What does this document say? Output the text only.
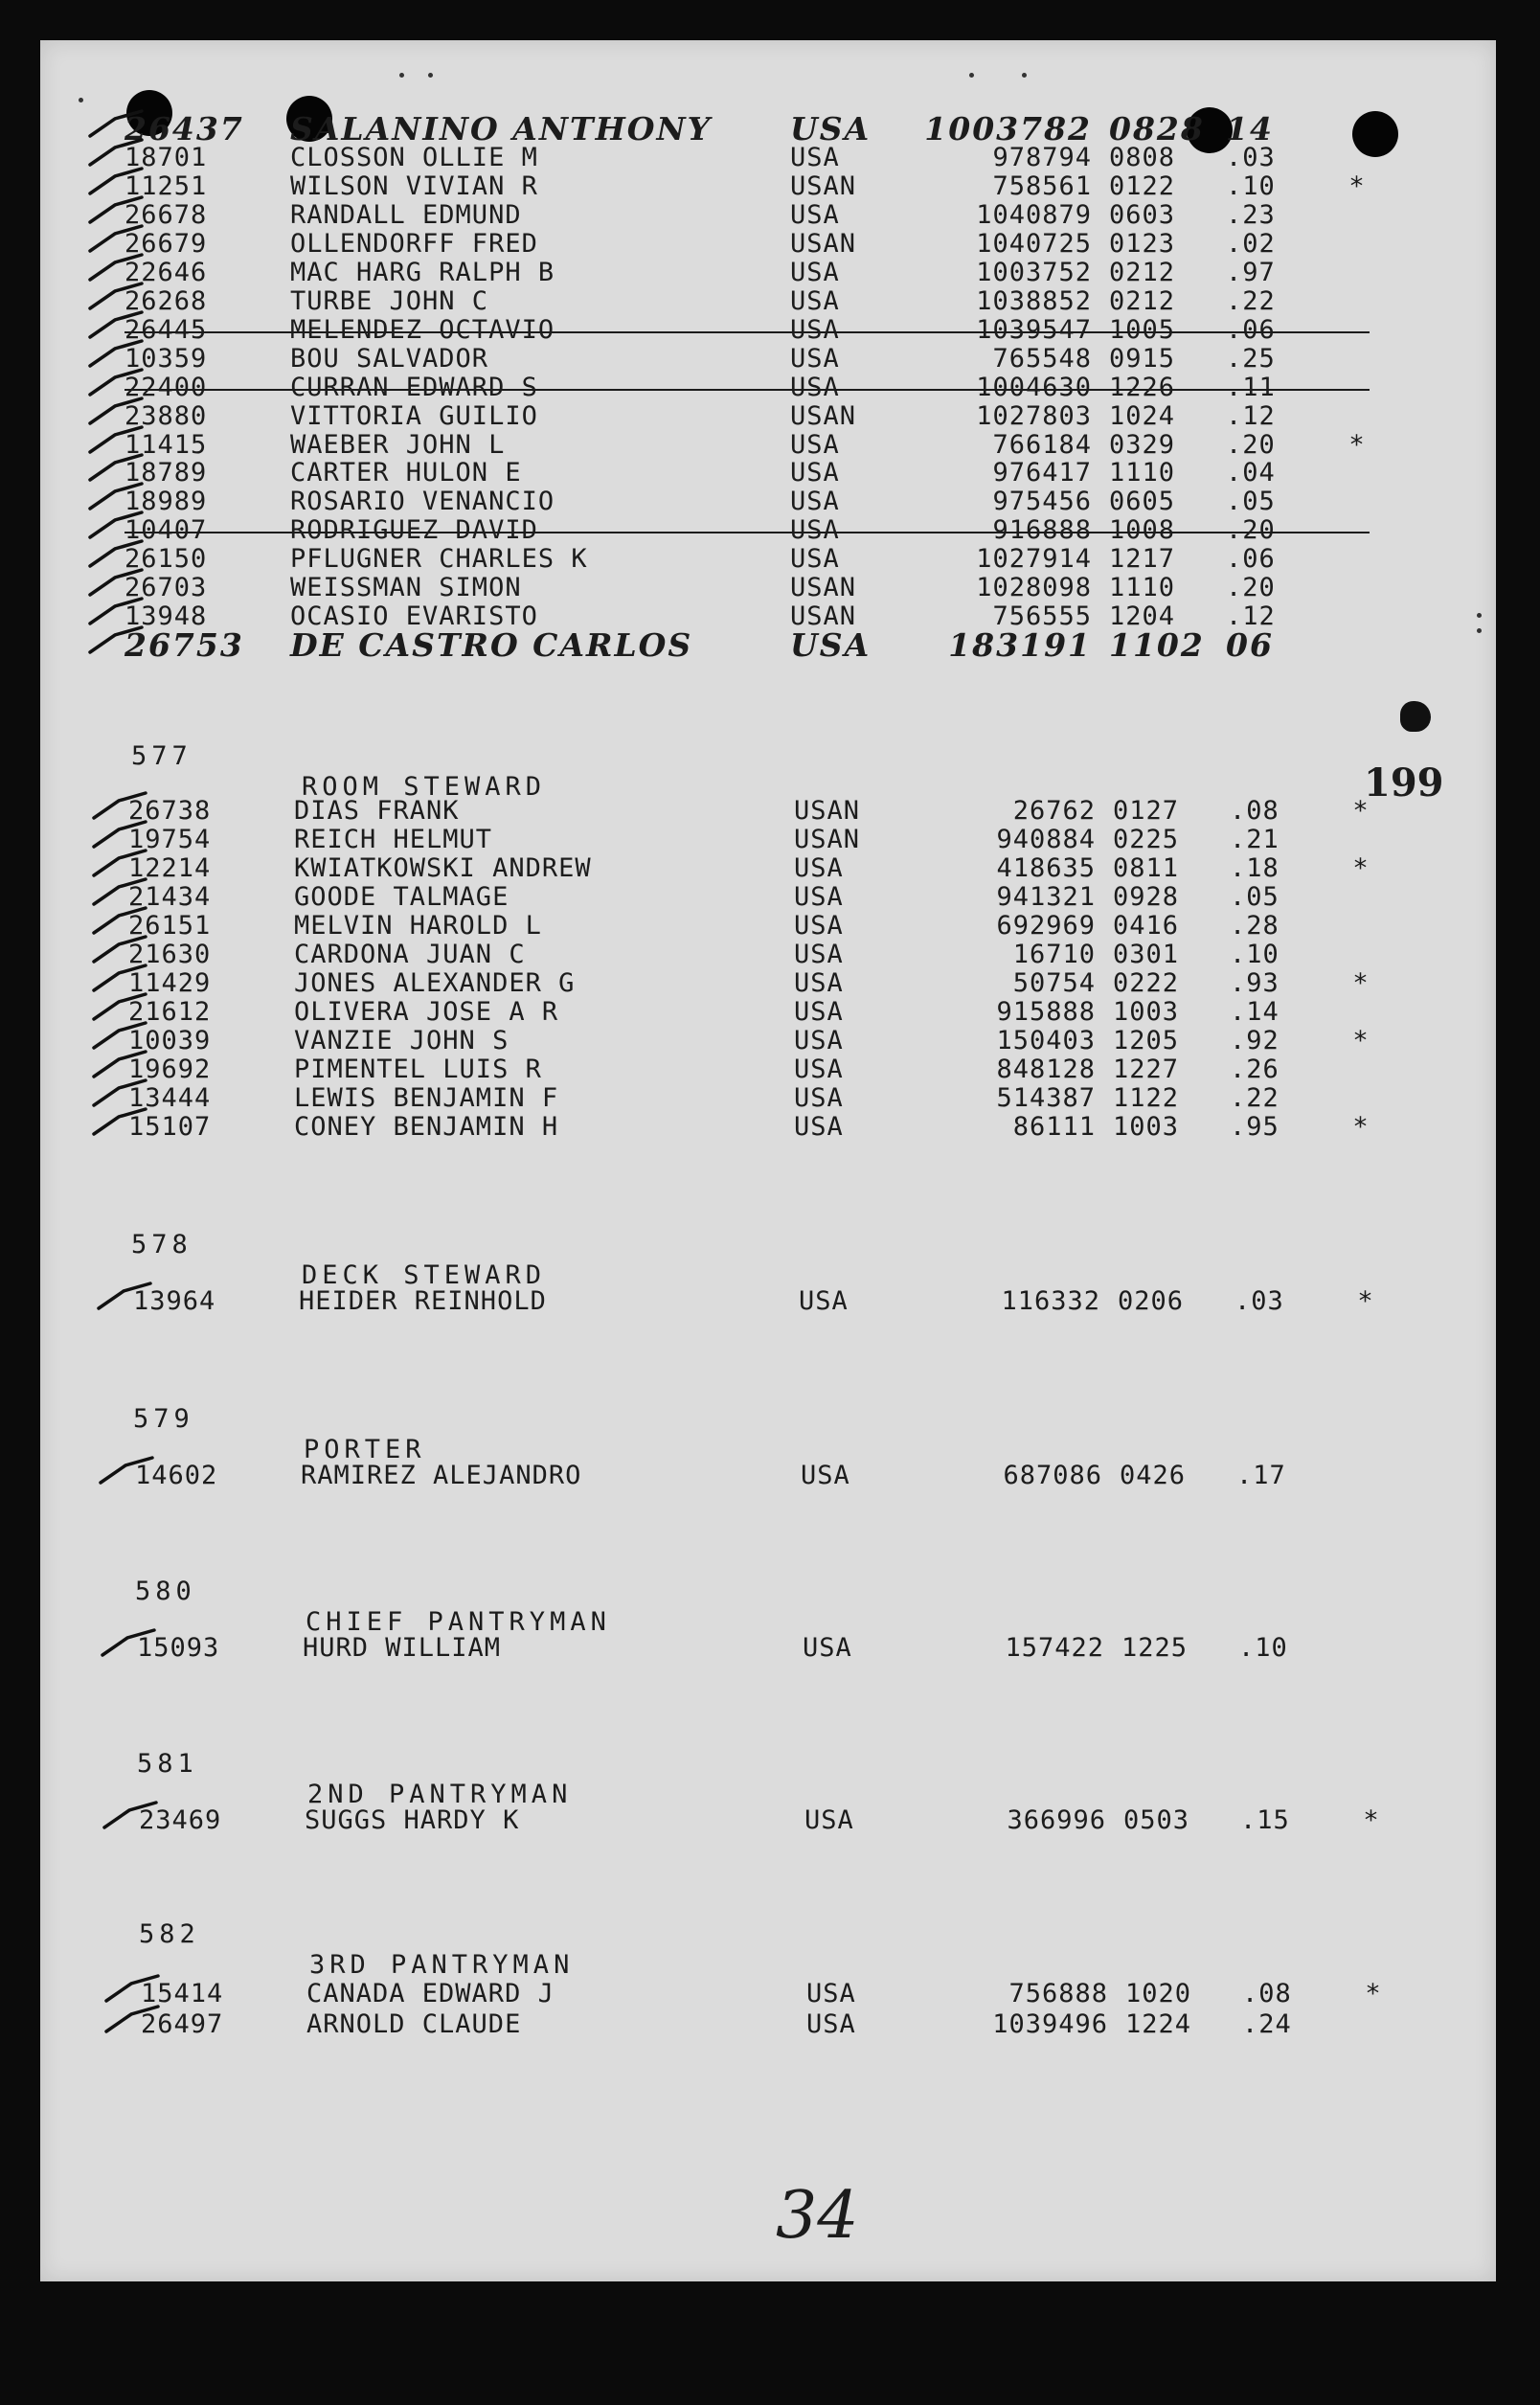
199
26437	SALANINO ANTHONY	USA	1003782 0828 14
18701	CLOSSON OLLIE M	USA	978794 0808	.03
11251	WILSON VIVIAN R	USAN	758561 0122	.10	*
26678	RANDALL EDMUND	USA	1040879 0603	.23
26679	OLLENDORFF FRED	USAN	1040725 0123	.02
22646	MAC HARG RALPH B	USA	1003752 0212	.97
26268	TURBE JOHN C	USA	1038852 0212	.22
26445	MELENDEZ OCTAVIO	USA	1039547 1005	.06
10359	BOU SALVADOR	USA	765548 0915	.25
22400	CURRAN EDWARD S	USA	1004630 1226	.11
23880	VITTORIA GUILIO	USAN	1027803 1024	.12
11415	WAEBER JOHN L	USA	766184 0329	.20	*
18789	CARTER HULON E	USA	976417 1110	.04
18989	ROSARIO VENANCIO	USA	975456 0605	.05
10407	RODRIGUEZ DAVID	USA	916888 1008	.20
26150	PFLUGNER CHARLES K	USA	1027914 1217	.06
26703	WEISSMAN SIMON	USAN	1028098 1110	.20
13948	OCASIO EVARISTO	USAN	756555 1204	.12
26753	DE CASTRO CARLOS	USA	183191 1102 06

577

ROOM STEWARD

26738	DIAS FRANK	USAN	26762 0127	.08	*
19754	REICH HELMUT	USAN	940884 0225	.21
12214	KWIATKOWSKI ANDREW	USA	418635 0811	.18	*
21434	GOODE TALMAGE	USA	941321 0928	.05
26151	MELVIN HAROLD L	USA	692969 0416	.28
21630	CARDONA JUAN C	USA	16710 0301	.10
11429	JONES ALEXANDER G	USA	50754 0222	.93	*
21612	OLIVERA JOSE A R	USA	915888 1003	.14
10039	VANZIE JOHN S	USA	150403 1205	.92	*
19692	PIMENTEL LUIS R	USA	848128 1227	.26
13444	LEWIS BENJAMIN F	USA	514387 1122	.22
15107	CONEY BENJAMIN H	USA	86111 1003	.95	*

578

DECK STEWARD

13964	HEIDER REINHOLD	USA	116332 0206	.03	*

579

PORTER

14602	RAMIREZ ALEJANDRO	USA	687086 0426	.17

580

CHIEF PANTRYMAN

15093	HURD WILLIAM	USA	157422 1225	.10

581

2ND PANTRYMAN

23469	SUGGS HARDY K	USA	366996 0503	.15	*

582

3RD PANTRYMAN

15414	CANADA EDWARD J	USA	756888 1020	.08	*
26497	ARNOLD CLAUDE	USA	1039496 1224	.24
34
